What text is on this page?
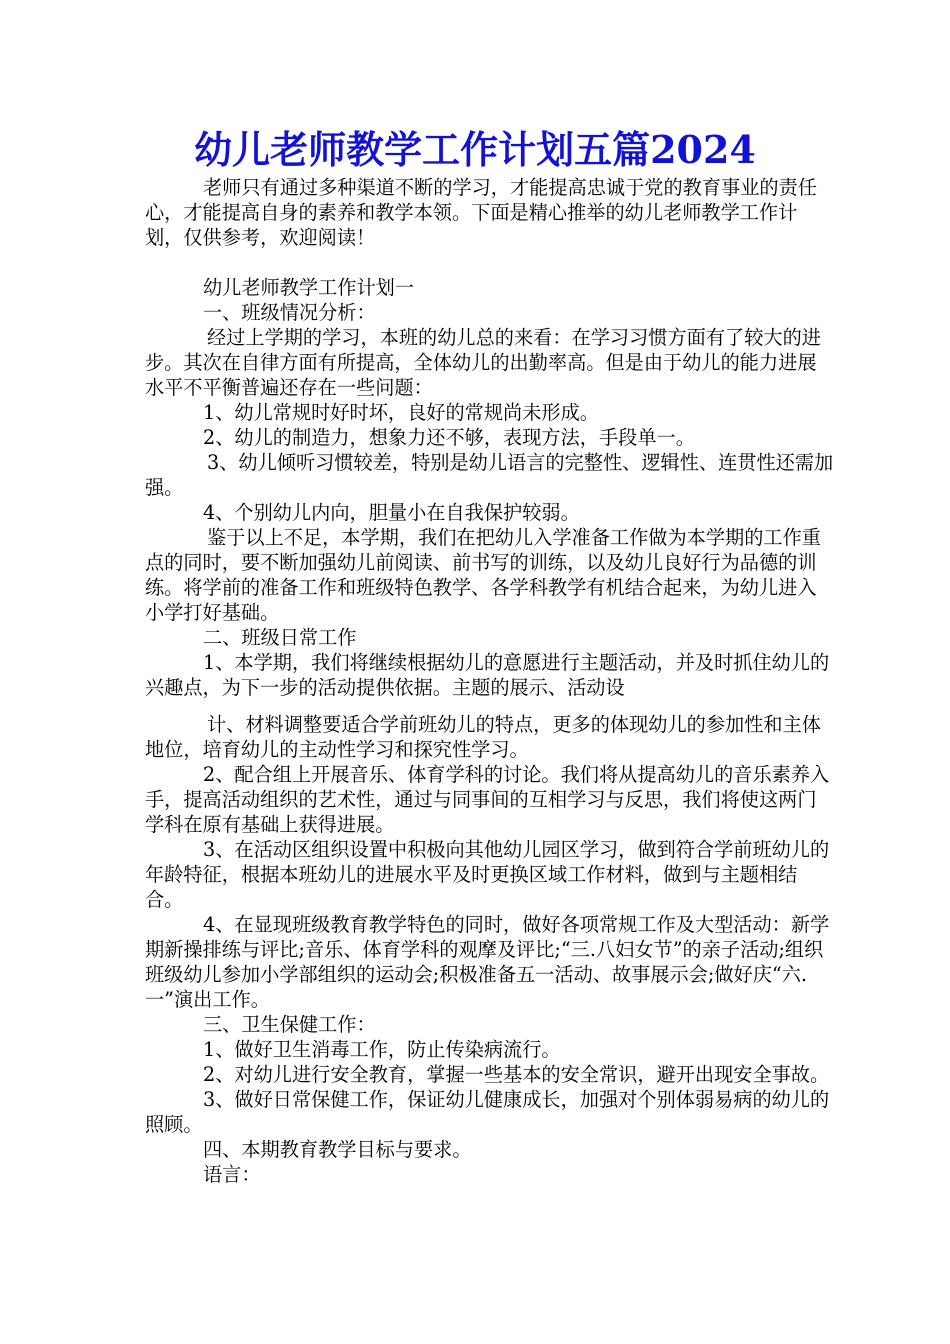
幼儿老师教学工作计划五篇2024

老师只有通过多种渠道不断的学习，才能提高忠诚于党的教育事业的责任心，才能提高自身的素养和教学本领。下面是精心推举的幼儿老师教学工作计划，仅供参考，欢迎阅读！

幼儿老师教学工作计划一

一、班级情况分析：

经过上学期的学习，本班的幼儿总的来看：在学习习惯方面有了较大的进步。其次在自律方面有所提高，全体幼儿的出勤率高。但是由于幼儿的能力进展水平不平衡普遍还存在一些问题：

1、幼儿常规时好时坏，良好的常规尚未形成。

2、幼儿的制造力，想象力还不够，表现方法，手段单一。

3、幼儿倾听习惯较差，特别是幼儿语言的完整性、逻辑性、连贯性还需加强。

4、个别幼儿内向，胆量小在自我保护较弱。

鉴于以上不足，本学期，我们在把幼儿入学准备工作做为本学期的工作重点的同时，要不断加强幼儿前阅读、前书写的训练，以及幼儿良好行为品德的训练。将学前的准备工作和班级特色教学、各学科教学有机结合起来，为幼儿进入小学打好基础。

二、班级日常工作

1、本学期，我们将继续根据幼儿的意愿进行主题活动，并及时抓住幼儿的兴趣点，为下一步的活动提供依据。主题的展示、活动设

计、材料调整要适合学前班幼儿的特点，更多的体现幼儿的参加性和主体地位，培育幼儿的主动性学习和探究性学习。

2、配合组上开展音乐、体育学科的讨论。我们将从提高幼儿的音乐素养入手，提高活动组织的艺术性，通过与同事间的互相学习与反思，我们将使这两门学科在原有基础上获得进展。

3、在活动区组织设置中积极向其他幼儿园区学习，做到符合学前班幼儿的年龄特征，根据本班幼儿的进展水平及时更换区域工作材料，做到与主题相结合。

4、在显现班级教育教学特色的同时，做好各项常规工作及大型活动：新学期新操排练与评比;音乐、体育学科的观摩及评比;“三.八妇女节”的亲子活动;组织班级幼儿参加小学部组织的运动会;积极准备五一活动、故事展示会;做好庆“六.一”演出工作。

三、卫生保健工作：

1、做好卫生消毒工作，防止传染病流行。

2、对幼儿进行安全教育，掌握一些基本的安全常识，避开出现安全事故。

3、做好日常保健工作，保证幼儿健康成长，加强对个别体弱易病的幼儿的照顾。

四、本期教育教学目标与要求。

语言：
